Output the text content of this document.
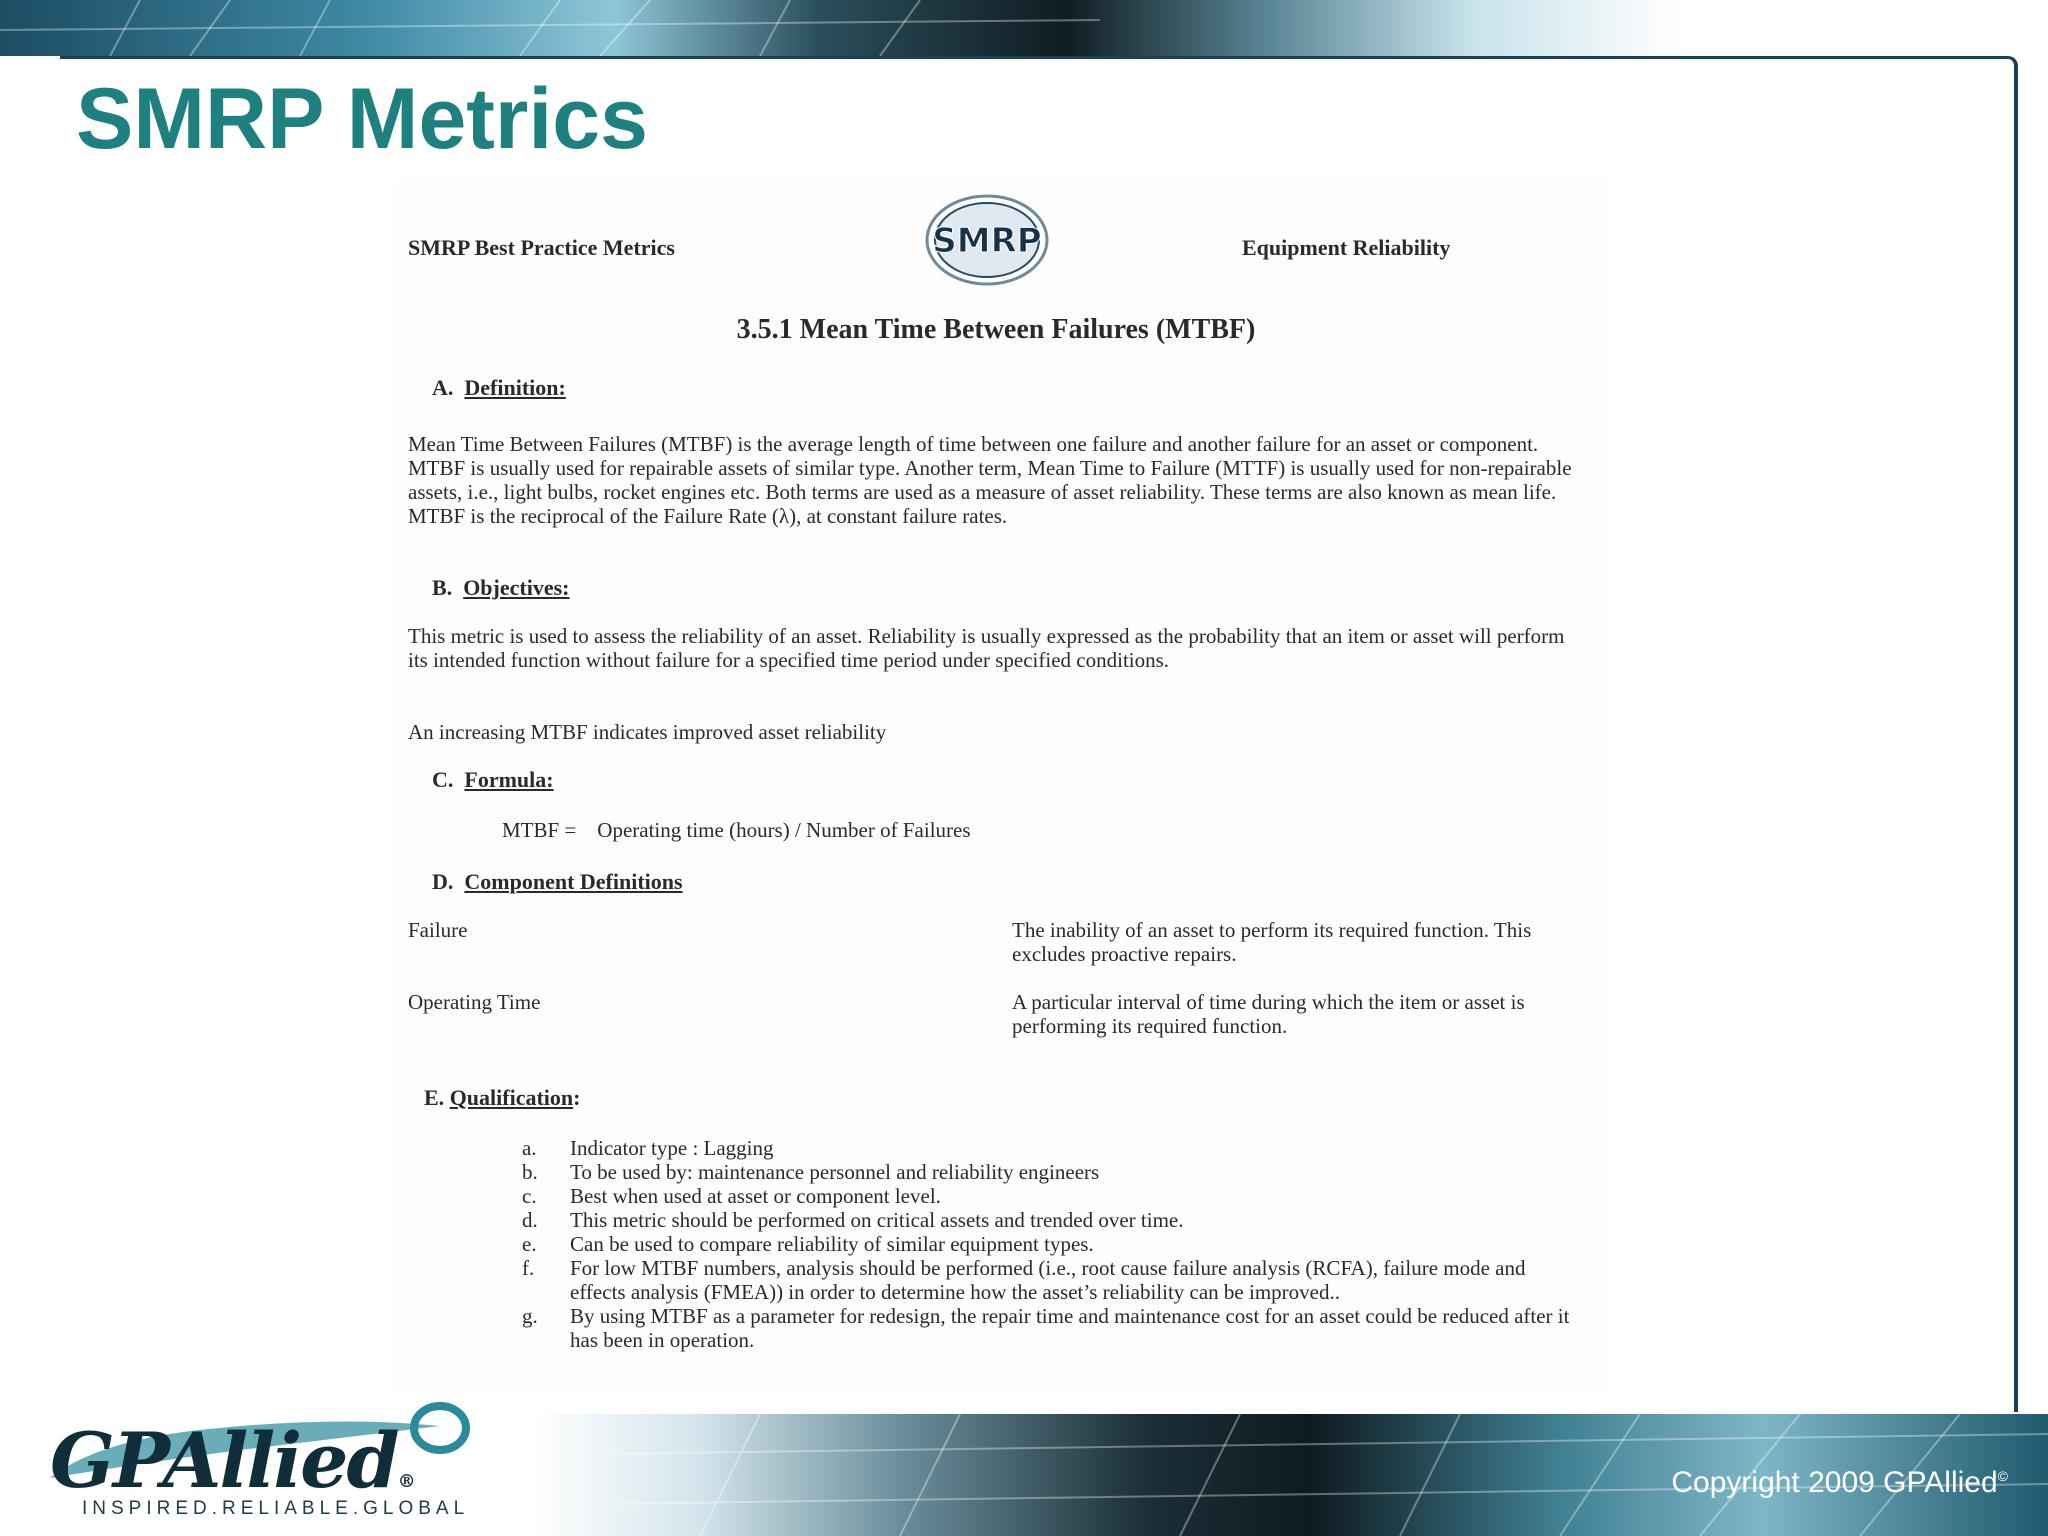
SMRP Metrics
SMRP Best Practice Metrics	SMRP	Equipment Reliability
3.5.1 Mean Time Between Failures (MTBF)
A. Definition:
Mean Time Between Failures (MTBF) is the average length of time between one failure and another failure for an asset or component. MTBF is usually used for repairable assets of similar type. Another term, Mean Time to Failure (MTTF) is usually used for non-repairable assets, i.e., light bulbs, rocket engines etc. Both terms are used as a measure of asset reliability. These terms are also known as mean life. MTBF is the reciprocal of the Failure Rate (λ), at constant failure rates.
B. Objectives:
This metric is used to assess the reliability of an asset. Reliability is usually expressed as the probability that an item or asset will perform its intended function without failure for a specified time period under specified conditions.
An increasing MTBF indicates improved asset reliability
C. Formula:
MTBF = Operating time (hours) / Number of Failures
D. Component Definitions
Failure	The inability of an asset to perform its required function. This excludes proactive repairs.
Operating Time	A particular interval of time during which the item or asset is performing its required function.
E. Qualification:
a.	Indicator type : Lagging
b.	To be used by: maintenance personnel and reliability engineers
c.	Best when used at asset or component level.
d.	This metric should be performed on critical assets and trended over time.
e.	Can be used to compare reliability of similar equipment types.
f.	For low MTBF numbers, analysis should be performed (i.e., root cause failure analysis (RCFA), failure mode and effects analysis (FMEA)) in order to determine how the asset’s reliability can be improved..
g.	By using MTBF as a parameter for redesign, the repair time and maintenance cost for an asset could be reduced after it has been in operation.
GPAllied®
INSPIRED.RELIABLE.GLOBAL
Copyright 2009 GPAllied©
